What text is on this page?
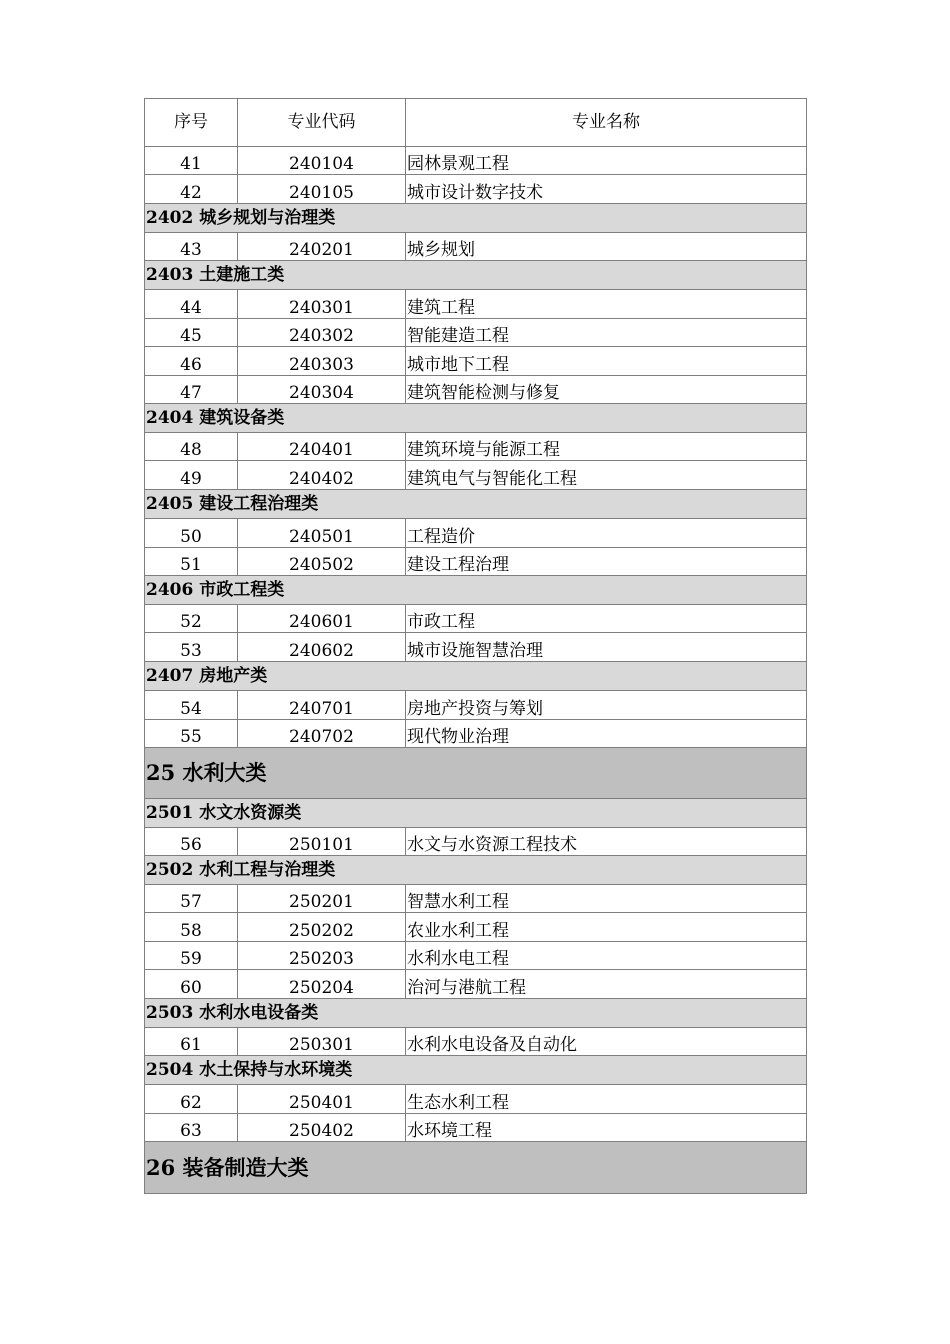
序号	专业代码	专业名称
41	240104	园林景观工程
42	240105	城市设计数字技术
2402 城乡规划与治理类		
43	240201	城乡规划
2403 土建施工类		
44	240301	建筑工程
45	240302	智能建造工程
46	240303	城市地下工程
47	240304	建筑智能检测与修复
2404 建筑设备类		
48	240401	建筑环境与能源工程
49	240402	建筑电气与智能化工程
2405 建设工程治理类		
50	240501	工程造价
51	240502	建设工程治理
2406 市政工程类		
52	240601	市政工程
53	240602	城市设施智慧治理
2407 房地产类		
54	240701	房地产投资与筹划
55	240702	现代物业治理
25 水利大类		
2501 水文水资源类		
56	250101	水文与水资源工程技术
2502 水利工程与治理类		
57	250201	智慧水利工程
58	250202	农业水利工程
59	250203	水利水电工程
60	250204	治河与港航工程
2503 水利水电设备类		
61	250301	水利水电设备及自动化
2504 水土保持与水环境类		
62	250401	生态水利工程
63	250402	水环境工程
26 装备制造大类		
